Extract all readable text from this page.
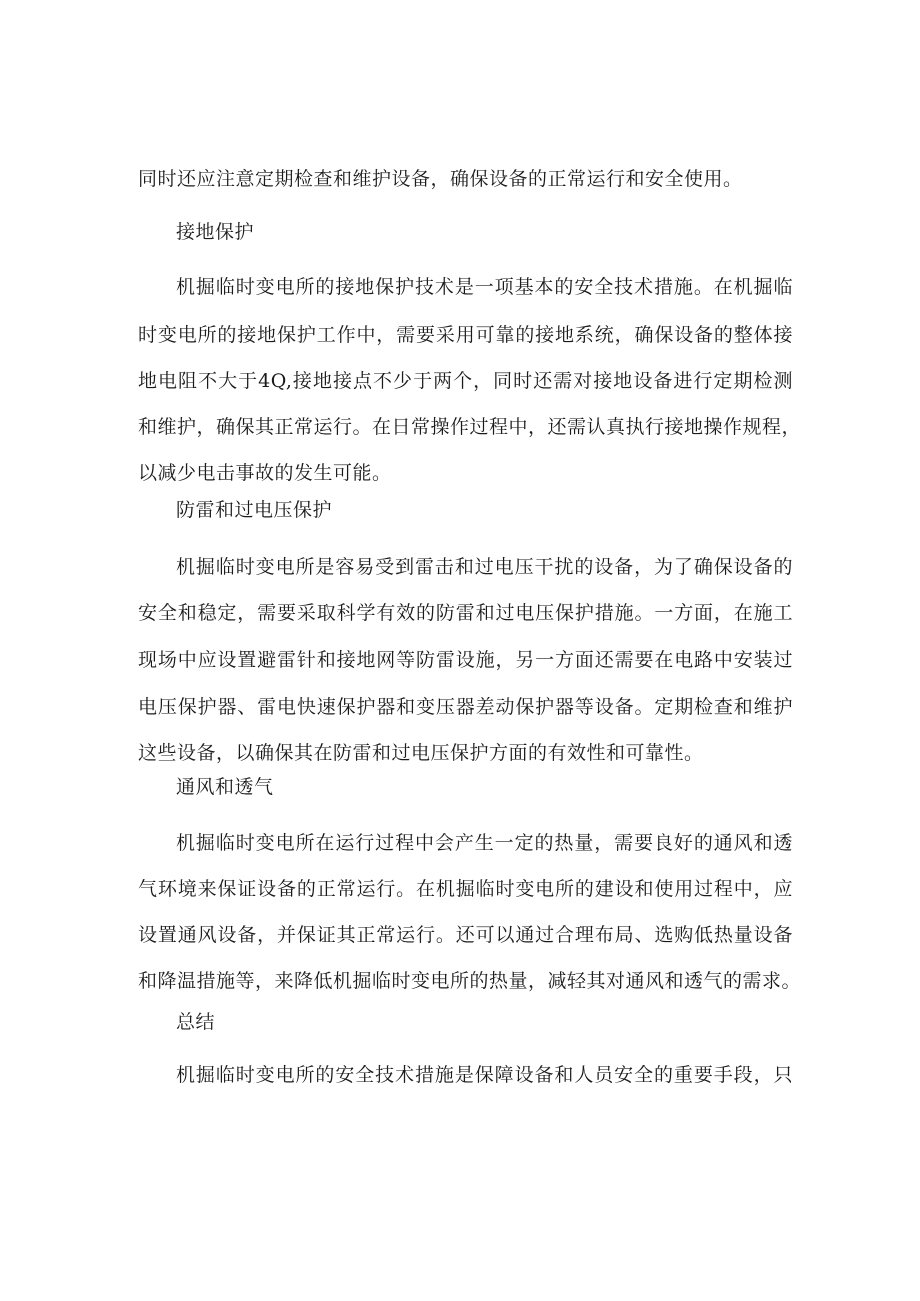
同时还应注意定期检查和维护设备，确保设备的正常运行和安全使用。
接地保护
机掘临时变电所的接地保护技术是一项基本的安全技术措施。在机掘临
时变电所的接地保护工作中，需要采用可靠的接地系统，确保设备的整体接
地电阻不大于4Q,接地接点不少于两个，同时还需对接地设备进行定期检测
和维护，确保其正常运行。在日常操作过程中，还需认真执行接地操作规程，
以减少电击事故的发生可能。
防雷和过电压保护
机掘临时变电所是容易受到雷击和过电压干扰的设备，为了确保设备的
安全和稳定，需要采取科学有效的防雷和过电压保护措施。一方面，在施工
现场中应设置避雷针和接地网等防雷设施，另一方面还需要在电路中安装过
电压保护器、雷电快速保护器和变压器差动保护器等设备。定期检查和维护
这些设备，以确保其在防雷和过电压保护方面的有效性和可靠性。
通风和透气
机掘临时变电所在运行过程中会产生一定的热量，需要良好的通风和透
气环境来保证设备的正常运行。在机掘临时变电所的建设和使用过程中，应
设置通风设备，并保证其正常运行。还可以通过合理布局、选购低热量设备
和降温措施等，来降低机掘临时变电所的热量，减轻其对通风和透气的需求。
总结
机掘临时变电所的安全技术措施是保障设备和人员安全的重要手段，只
